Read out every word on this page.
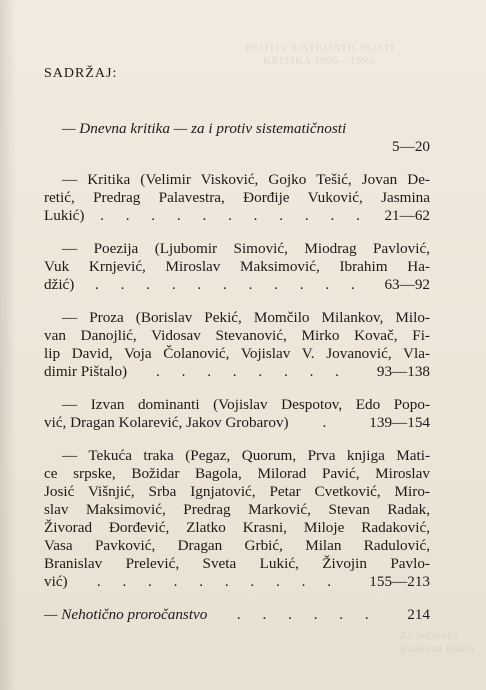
PROTIV SISTEMATIČNOSTI
KRITIKA 1990—1993.
Za izdavača
Radovan Rakin
SADRŽAJ:
— Dnevna kritika — za i protiv sistematičnosti
5—20
— Kritika (Velimir Visković, Gojko Tešić, Jovan De-
retić, Predrag Palavestra, Đorđije Vuković, Jasmina
Lukić)	. . . . . . . . . . .	21—62
— Poezija (Ljubomir Simović, Miodrag Pavlović,
Vuk Krnjević, Miroslav Maksimović, Ibrahim Ha-
džić)	. . . . . . . . . . .	63—92
— Proza (Borislav Pekić, Momčilo Milankov, Milo-
van Danojlić, Vidosav Stevanović, Mirko Kovač, Fi-
lip David, Voja Čolanović, Vojislav V. Jovanović, Vla-
dimir Pištalo)	. . . . . . . .	93—138
— Izvan dominanti (Vojislav Despotov, Edo Popo-
vić, Dragan Kolarević, Jakov Grobarov)	.	139—154
— Tekuća traka (Pegaz, Quorum, Prva knjiga Mati-
ce srpske, Božidar Bagola, Milorad Pavić, Miroslav
Josić Višnjić, Srba Ignjatović, Petar Cvetković, Miro-
slav Maksimović, Predrag Marković, Stevan Radak,
Živorad Đorđević, Zlatko Krasni, Miloje Radaković,
Vasa Pavković, Dragan Grbić, Milan Radulović,
Branislav Prelević, Sveta Lukić, Živojin Pavlo-
vić)	. . . . . . . . . .	155—213
— Nehotično proročanstvo	. . . . . .	214
